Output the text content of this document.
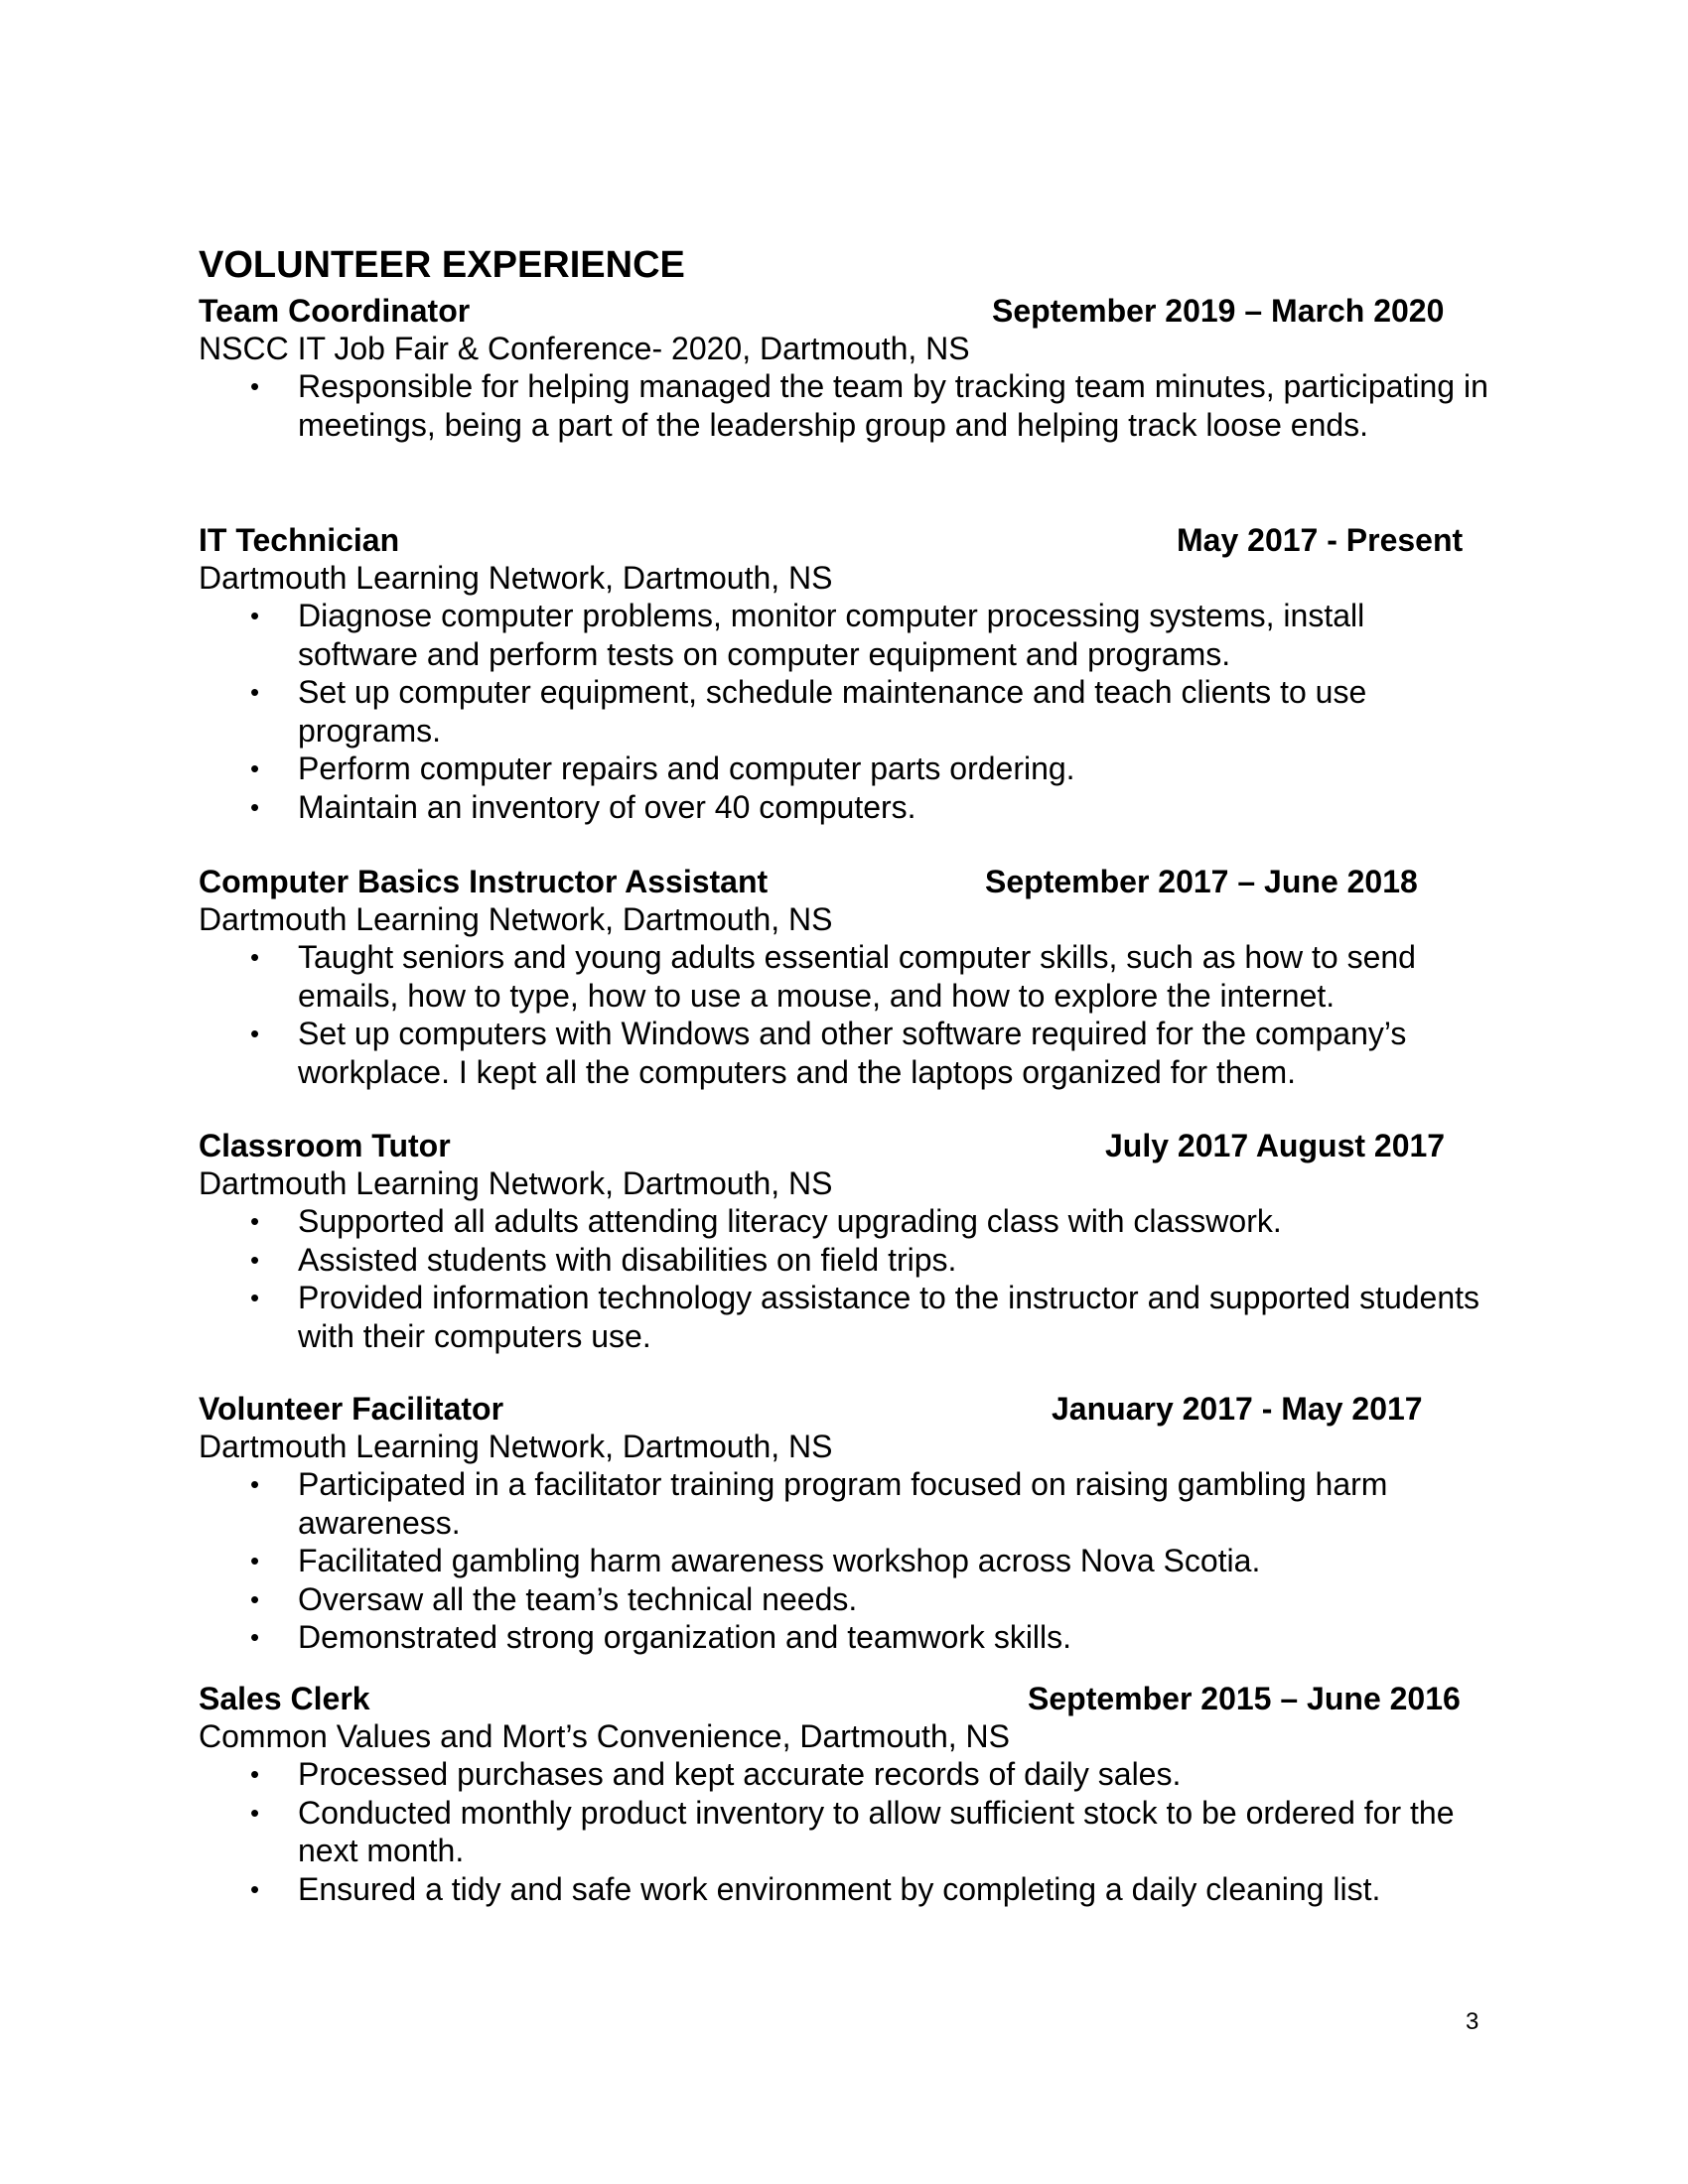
VOLUNTEER EXPERIENCE
Team Coordinator	September 2019 – March 2020
NSCC IT Job Fair & Conference- 2020, Dartmouth, NS
• Responsible for helping managed the team by tracking team minutes, participating in meetings, being a part of the leadership group and helping track loose ends.
IT Technician	May 2017 - Present
Dartmouth Learning Network, Dartmouth, NS
• Diagnose computer problems, monitor computer processing systems, install software and perform tests on computer equipment and programs.
• Set up computer equipment, schedule maintenance and teach clients to use programs.
• Perform computer repairs and computer parts ordering.
• Maintain an inventory of over 40 computers.
Computer Basics Instructor Assistant	September 2017 – June 2018
Dartmouth Learning Network, Dartmouth, NS
• Taught seniors and young adults essential computer skills, such as how to send emails, how to type, how to use a mouse, and how to explore the internet.
• Set up computers with Windows and other software required for the company’s workplace. I kept all the computers and the laptops organized for them.
Classroom Tutor	July 2017 August 2017
Dartmouth Learning Network, Dartmouth, NS
• Supported all adults attending literacy upgrading class with classwork.
• Assisted students with disabilities on field trips.
• Provided information technology assistance to the instructor and supported students with their computers use.
Volunteer Facilitator	January 2017 - May 2017
Dartmouth Learning Network, Dartmouth, NS
• Participated in a facilitator training program focused on raising gambling harm awareness.
• Facilitated gambling harm awareness workshop across Nova Scotia.
• Oversaw all the team’s technical needs.
• Demonstrated strong organization and teamwork skills.
Sales Clerk	September 2015 – June 2016
Common Values and Mort’s Convenience, Dartmouth, NS
• Processed purchases and kept accurate records of daily sales.
• Conducted monthly product inventory to allow sufficient stock to be ordered for the next month.
• Ensured a tidy and safe work environment by completing a daily cleaning list.
3
